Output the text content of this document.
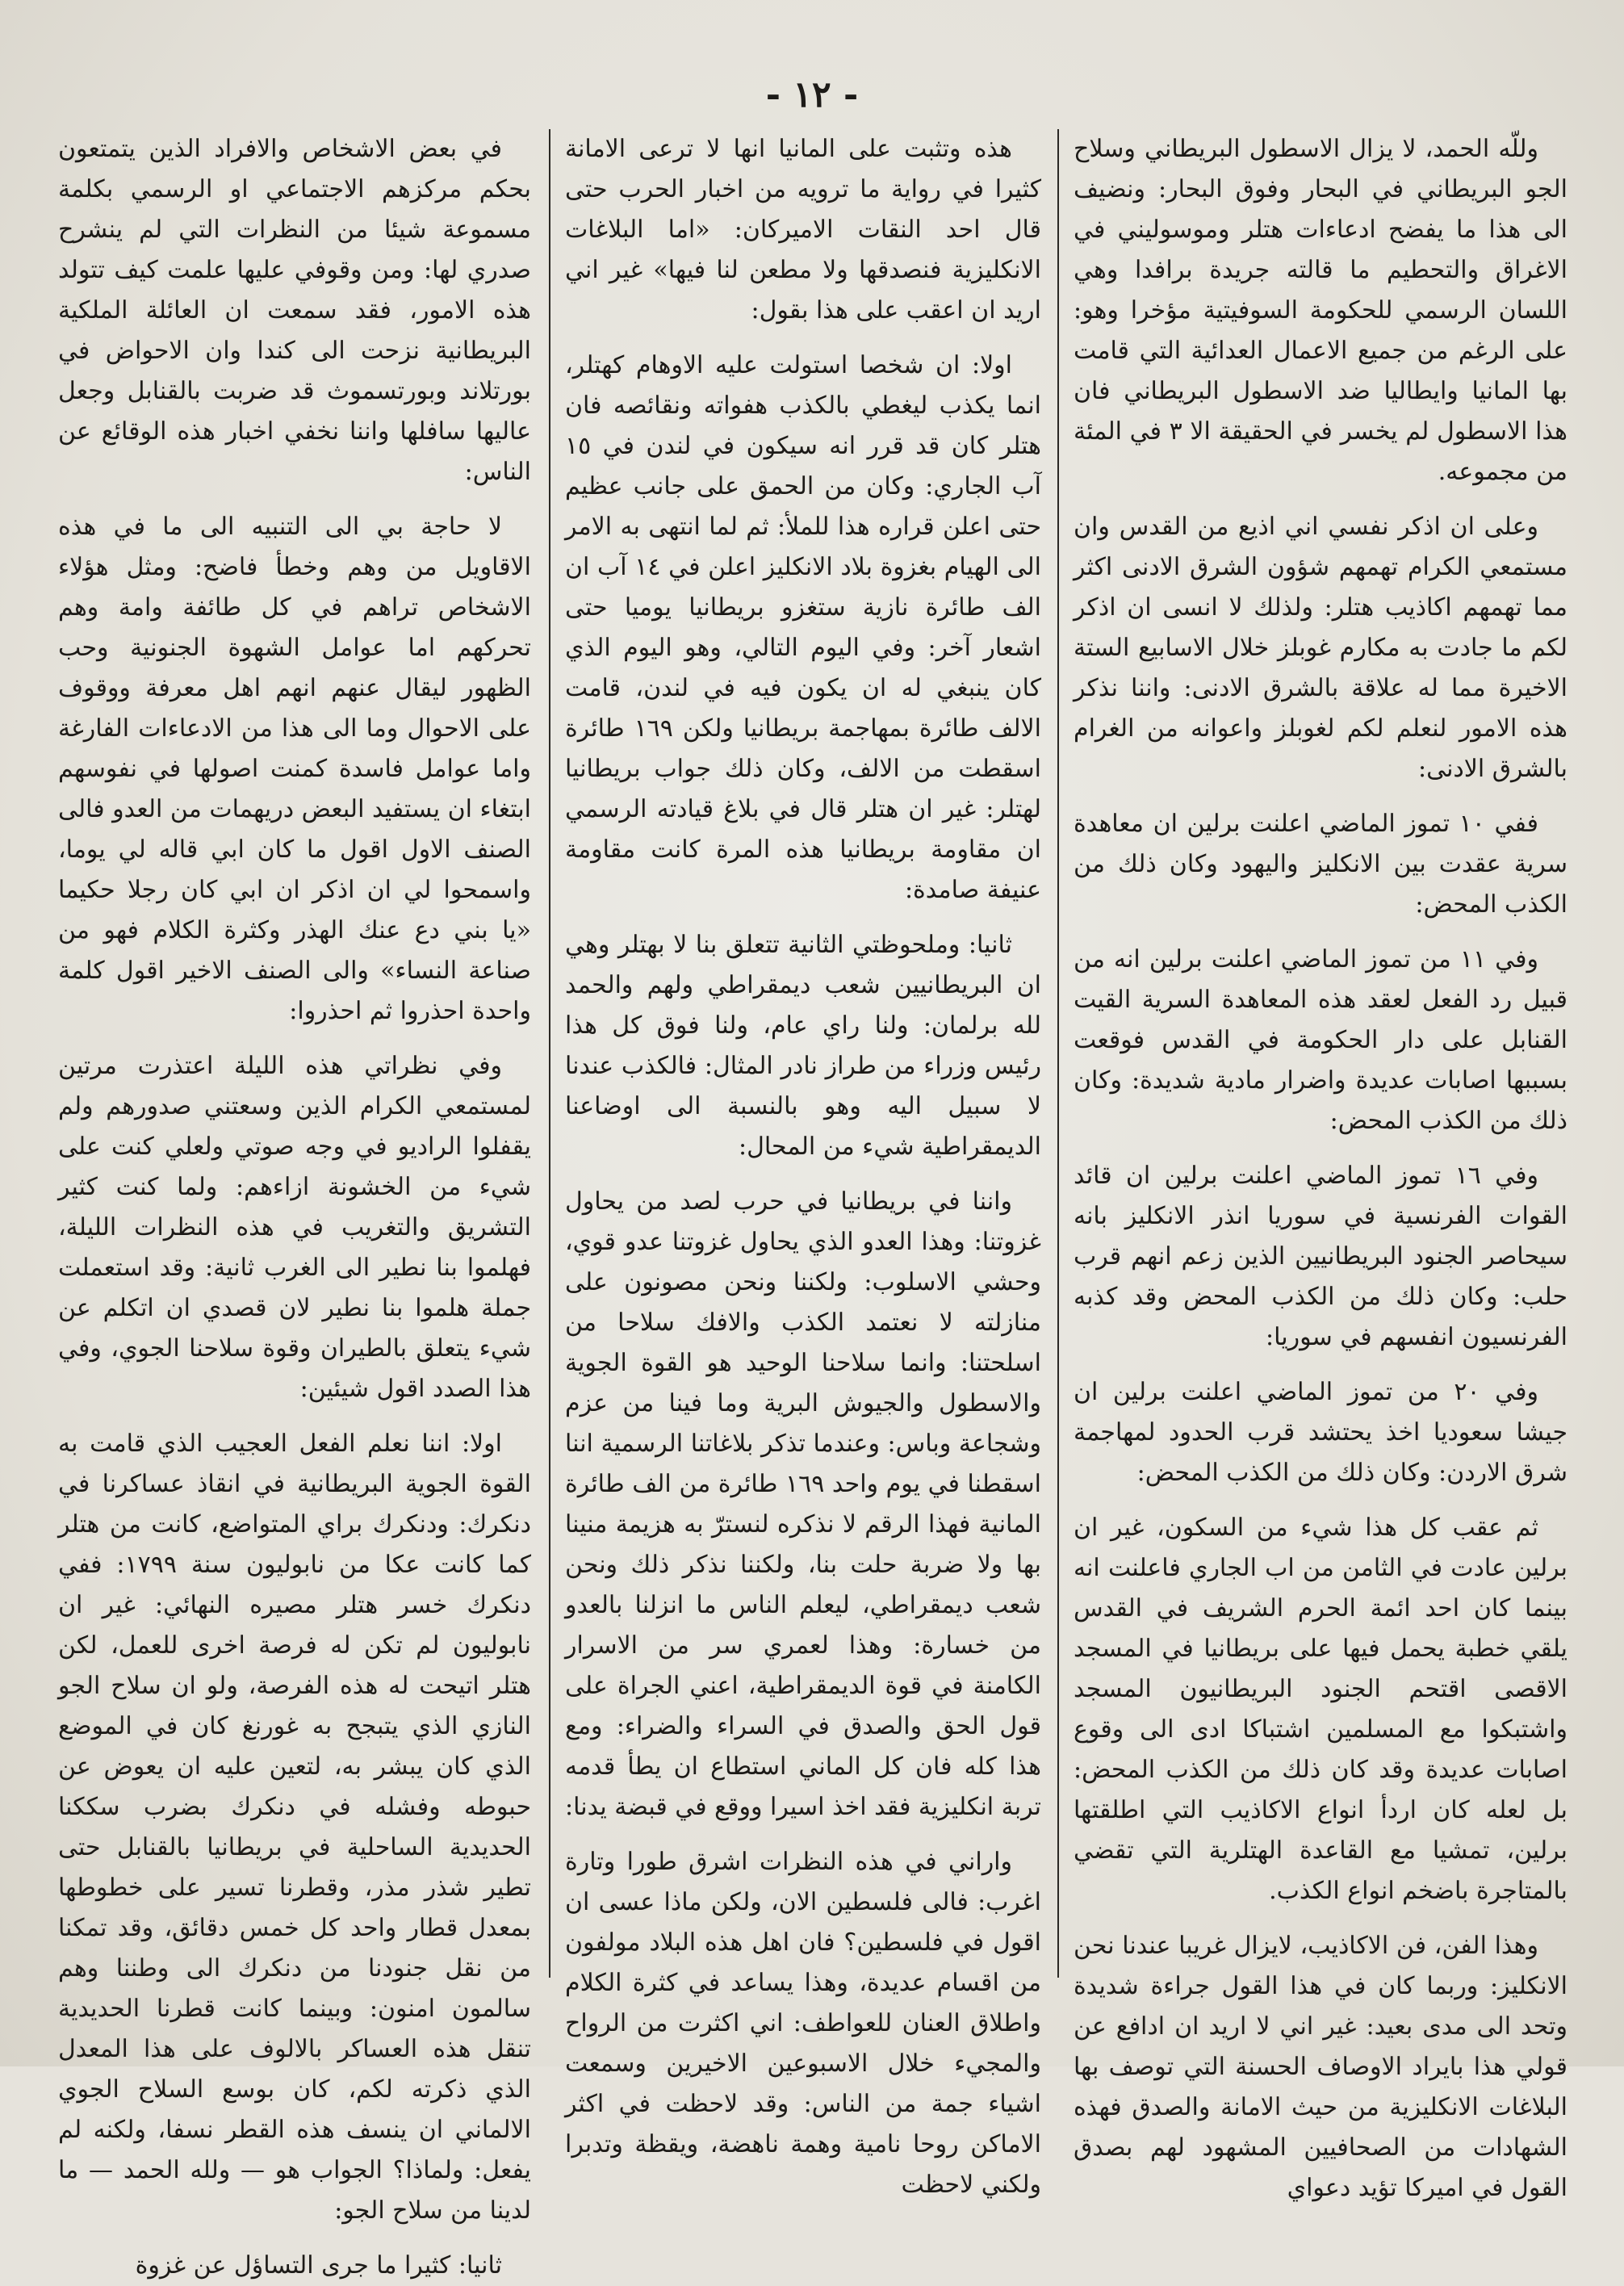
- ١٢ -

وللّه الحمد، لا يزال الاسطول البريطاني وسلاح الجو البريطاني في البحار وفوق البحار: ونضيف الى هذا ما يفضح ادعاءات هتلر وموسوليني في الاغراق والتحطيم ما قالته جريدة برافدا وهي اللسان الرسمي للحكومة السوفيتية مؤخرا وهو: على الرغم من جميع الاعمال العدائية التي قامت بها المانيا وايطاليا ضد الاسطول البريطاني فان هذا الاسطول لم يخسر في الحقيقة الا ٣ في المئة من مجموعه.

وعلى ان اذكر نفسي اني اذيع من القدس وان مستمعي الكرام تهمهم شؤون الشرق الادنى اكثر مما تهمهم اكاذيب هتلر: ولذلك لا انسى ان اذكر لكم ما جادت به مكارم غوبلز خلال الاسابيع الستة الاخيرة مما له علاقة بالشرق الادنى: واننا نذكر هذه الامور لنعلم لكم لغوبلز واعوانه من الغرام بالشرق الادنى:

ففي ١٠ تموز الماضي اعلنت برلين ان معاهدة سرية عقدت بين الانكليز واليهود وكان ذلك من الكذب المحض:

وفي ١١ من تموز الماضي اعلنت برلين انه من قبيل رد الفعل لعقد هذه المعاهدة السرية القيت القنابل على دار الحكومة في القدس فوقعت بسببها اصابات عديدة واضرار مادية شديدة: وكان ذلك من الكذب المحض:

وفي ١٦ تموز الماضي اعلنت برلين ان قائد القوات الفرنسية في سوريا انذر الانكليز بانه سيحاصر الجنود البريطانيين الذين زعم انهم قرب حلب: وكان ذلك من الكذب المحض وقد كذبه الفرنسيون انفسهم في سوريا:

وفي ٢٠ من تموز الماضي اعلنت برلين ان جيشا سعوديا اخذ يحتشد قرب الحدود لمهاجمة شرق الاردن: وكان ذلك من الكذب المحض:

ثم عقب كل هذا شيء من السكون، غير ان برلين عادت في الثامن من اب الجاري فاعلنت انه بينما كان احد ائمة الحرم الشريف في القدس يلقي خطبة يحمل فيها على بريطانيا في المسجد الاقصى اقتحم الجنود البريطانيون المسجد واشتبكوا مع المسلمين اشتباكا ادى الى وقوع اصابات عديدة وقد كان ذلك من الكذب المحض: بل لعله كان اردأ انواع الاكاذيب التي اطلقتها برلين، تمشيا مع القاعدة الهتلرية التي تقضي بالمتاجرة باضخم انواع الكذب.

وهذا الفن، فن الاكاذيب، لايزال غريبا عندنا نحن الانكليز: وربما كان في هذا القول جراءة شديدة وتحد الى مدى بعيد: غير اني لا اريد ان ادافع عن قولي هذا بايراد الاوصاف الحسنة التي توصف بها البلاغات الانكليزية من حيث الامانة والصدق فهذه الشهادات من الصحافيين المشهود لهم بصدق القول في اميركا تؤيد دعواي

هذه وتثبت على المانيا انها لا ترعى الامانة كثيرا في رواية ما ترويه من اخبار الحرب حتى قال احد النقات الاميركان: «اما البلاغات الانكليزية فنصدقها ولا مطعن لنا فيها» غير اني اريد ان اعقب على هذا بقول:

اولا: ان شخصا استولت عليه الاوهام كهتلر، انما يكذب ليغطي بالكذب هفواته ونقائصه فان هتلر كان قد قرر انه سيكون في لندن في ١٥ آب الجاري: وكان من الحمق على جانب عظيم حتى اعلن قراره هذا للملأ: ثم لما انتهى به الامر الى الهيام بغزوة بلاد الانكليز اعلن في ١٤ آب ان الف طائرة نازية ستغزو بريطانيا يوميا حتى اشعار آخر: وفي اليوم التالي، وهو اليوم الذي كان ينبغي له ان يكون فيه في لندن، قامت الالف طائرة بمهاجمة بريطانيا ولكن ١٦٩ طائرة اسقطت من الالف، وكان ذلك جواب بريطانيا لهتلر: غير ان هتلر قال في بلاغ قيادته الرسمي ان مقاومة بريطانيا هذه المرة كانت مقاومة عنيفة صامدة:

ثانيا: وملحوظتي الثانية تتعلق بنا لا بهتلر وهي ان البريطانيين شعب ديمقراطي ولهم والحمد لله برلمان: ولنا راي عام، ولنا فوق كل هذا رئيس وزراء من طراز نادر المثال: فالكذب عندنا لا سبيل اليه وهو بالنسبة الى اوضاعنا الديمقراطية شيء من المحال:

واننا في بريطانيا في حرب لصد من يحاول غزوتنا: وهذا العدو الذي يحاول غزوتنا عدو قوي، وحشي الاسلوب: ولكننا ونحن مصونون على منازلته لا نعتمد الكذب والافك سلاحا من اسلحتنا: وانما سلاحنا الوحيد هو القوة الجوية والاسطول والجيوش البرية وما فينا من عزم وشجاعة وباس: وعندما تذكر بلاغاتنا الرسمية اننا اسقطنا في يوم واحد ١٦٩ طائرة من الف طائرة المانية فهذا الرقم لا نذكره لنسترّ به هزيمة منينا بها ولا ضربة حلت بنا، ولكننا نذكر ذلك ونحن شعب ديمقراطي، ليعلم الناس ما انزلنا بالعدو من خسارة: وهذا لعمري سر من الاسرار الكامنة في قوة الديمقراطية، اعني الجراة على قول الحق والصدق في السراء والضراء: ومع هذا كله فان كل الماني استطاع ان يطأ قدمه تربة انكليزية فقد اخذ اسيرا ووقع في قبضة يدنا:

واراني في هذه النظرات اشرق طورا وتارة اغرب: فالى فلسطين الان، ولكن ماذا عسى ان اقول في فلسطين؟ فان اهل هذه البلاد مولفون من اقسام عديدة، وهذا يساعد في كثرة الكلام واطلاق العنان للعواطف: اني اكثرت من الرواح والمجيء خلال الاسبوعين الاخيرين وسمعت اشياء جمة من الناس: وقد لاحظت في اكثر الاماكن روحا نامية وهمة ناهضة، ويقظة وتدبرا ولكني لاحظت

في بعض الاشخاص والافراد الذين يتمتعون بحكم مركزهم الاجتماعي او الرسمي بكلمة مسموعة شيئا من النظرات التي لم ينشرح صدري لها: ومن وقوفي عليها علمت كيف تتولد هذه الامور، فقد سمعت ان العائلة الملكية البريطانية نزحت الى كندا وان الاحواض في بورتلاند وبورتسموث قد ضربت بالقنابل وجعل عاليها سافلها واننا نخفي اخبار هذه الوقائع عن الناس:

لا حاجة بي الى التنبيه الى ما في هذه الاقاويل من وهم وخطأ فاضح: ومثل هؤلاء الاشخاص تراهم في كل طائفة وامة وهم تحركهم اما عوامل الشهوة الجنونية وحب الظهور ليقال عنهم انهم اهل معرفة ووقوف على الاحوال وما الى هذا من الادعاءات الفارغة واما عوامل فاسدة كمنت اصولها في نفوسهم ابتغاء ان يستفيد البعض دريهمات من العدو فالى الصنف الاول اقول ما كان ابي قاله لي يوما، واسمحوا لي ان اذكر ان ابي كان رجلا حكيما «يا بني دع عنك الهذر وكثرة الكلام فهو من صناعة النساء» والى الصنف الاخير اقول كلمة واحدة احذروا ثم احذروا:

وفي نظراتي هذه الليلة اعتذرت مرتين لمستمعي الكرام الذين وسعتني صدورهم ولم يقفلوا الراديو في وجه صوتي ولعلي كنت على شيء من الخشونة ازاءهم: ولما كنت كثير التشريق والتغريب في هذه النظرات الليلة، فهلموا بنا نطير الى الغرب ثانية: وقد استعملت جملة هلموا بنا نطير لان قصدي ان اتكلم عن شيء يتعلق بالطيران وقوة سلاحنا الجوي، وفي هذا الصدد اقول شيئين:

اولا: اننا نعلم الفعل العجيب الذي قامت به القوة الجوية البريطانية في انقاذ عساكرنا في دنكرك: ودنكرك براي المتواضع، كانت من هتلر كما كانت عكا من نابوليون سنة ١٧٩٩: ففي دنكرك خسر هتلر مصيره النهائي: غير ان نابوليون لم تكن له فرصة اخرى للعمل، لكن هتلر اتيحت له هذه الفرصة، ولو ان سلاح الجو النازي الذي يتبجح به غورنغ كان في الموضع الذي كان يبشر به، لتعين عليه ان يعوض عن حبوطه وفشله في دنكرك بضرب سككنا الحديدية الساحلية في بريطانيا بالقنابل حتى تطير شذر مذر، وقطرنا تسير على خطوطها بمعدل قطار واحد كل خمس دقائق، وقد تمكنا من نقل جنودنا من دنكرك الى وطننا وهم سالمون امنون: وبينما كانت قطرنا الحديدية تنقل هذه العساكر بالالوف على هذا المعدل الذي ذكرته لكم، كان بوسع السلاح الجوي الالماني ان ينسف هذه القطر نسفا، ولكنه لم يفعل: ولماذا؟ الجواب هو — ولله الحمد — ما لدينا من سلاح الجو:

ثانيا: كثيرا ما جرى التساؤل عن غزوة
